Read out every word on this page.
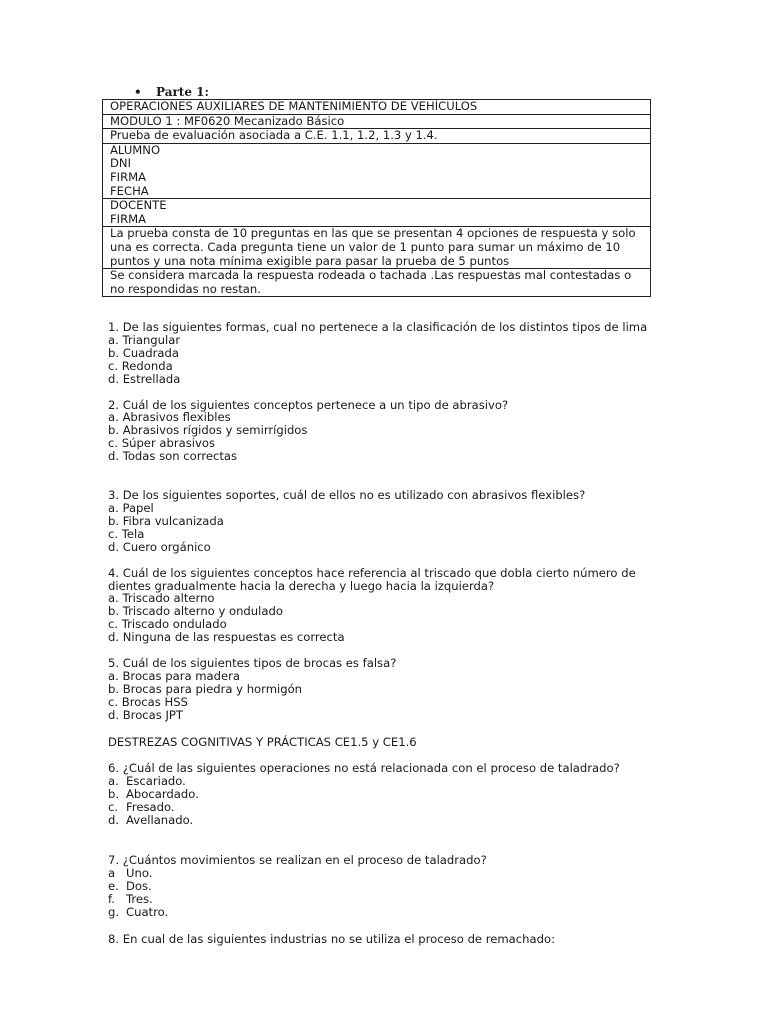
• Parte 1:
OPERACIONES AUXILIARES DE MANTENIMIENTO DE VEHÍCULOS

MODULO 1 : MF0620 Mecanizado Básico

Prueba de evaluación asociada a C.E. 1.1, 1.2, 1.3 y 1.4.

ALUMNO
DNI
FIRMA
FECHA

DOCENTE
FIRMA

La prueba consta de 10 preguntas en las que se presentan 4 opciones de respuesta y solo
una es correcta. Cada pregunta tiene un valor de 1 punto para sumar un máximo de 10
puntos y una nota mínima exigible para pasar la prueba de 5 puntos

Se considera marcada la respuesta rodeada o tachada .Las respuestas mal contestadas o
no respondidas no restan.
1. De las siguientes formas, cual no pertenece a la clasificación de los distintos tipos de lima
a. Triangular
b. Cuadrada
c. Redonda
d. Estrellada
2. Cuál de los siguientes conceptos pertenece a un tipo de abrasivo?
a. Abrasivos flexibles
b. Abrasivos rígidos y semirrígidos
c. Súper abrasivos
d. Todas son correctas
3. De los siguientes soportes, cuál de ellos no es utilizado con abrasivos flexibles?
a. Papel
b. Fibra vulcanizada
c. Tela
d. Cuero orgánico
4. Cuál de los siguientes conceptos hace referencia al triscado que dobla cierto número de
dientes gradualmente hacia la derecha y luego hacia la izquierda?
a. Triscado alterno
b. Triscado alterno y ondulado
c. Triscado ondulado
d. Ninguna de las respuestas es correcta
5. Cuál de los siguientes tipos de brocas es falsa?
a. Brocas para madera
b. Brocas para piedra y hormigón
c. Brocas HSS
d. Brocas JPT
DESTREZAS COGNITIVAS Y PRÁCTICAS CE1.5 y CE1.6
6. ¿Cuál de las siguientes operaciones no está relacionada con el proceso de taladrado?
a. Escariado.
b. Abocardado.
c. Fresado.
d. Avellanado.
7. ¿Cuántos movimientos se realizan en el proceso de taladrado?
a Uno.
e. Dos.
f. Tres.
g. Cuatro.
8. En cual de las siguientes industrias no se utiliza el proceso de remachado:
